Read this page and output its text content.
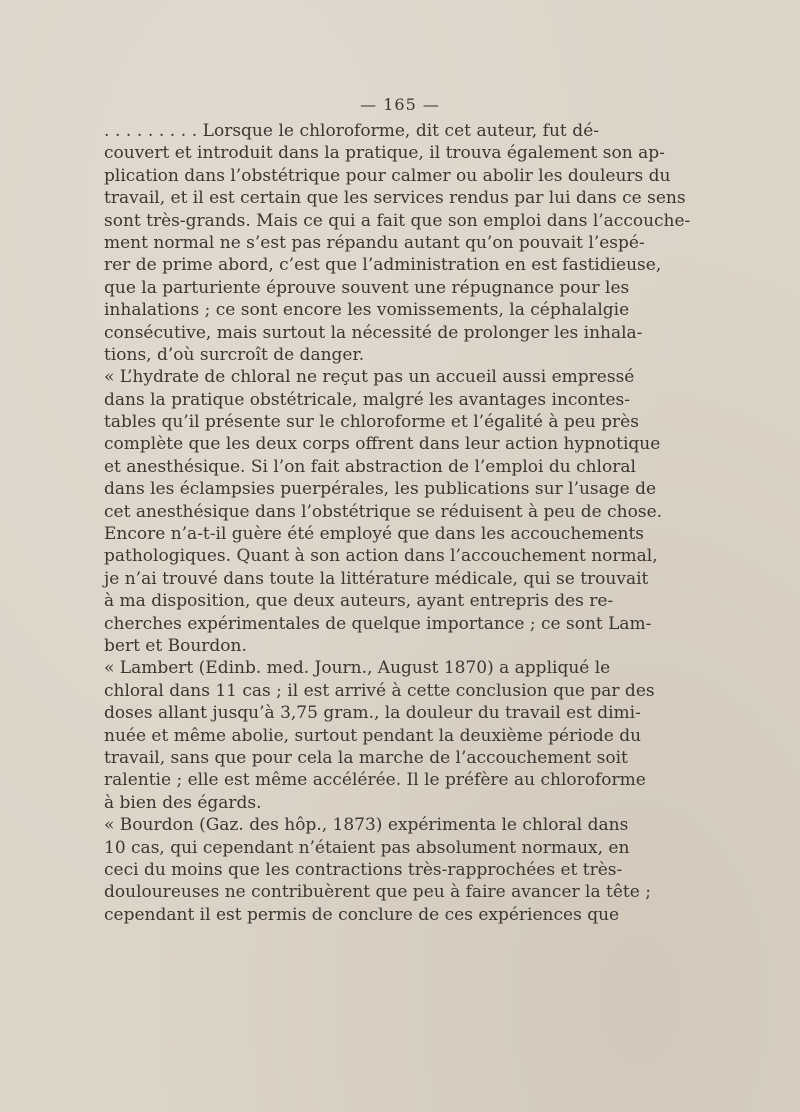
— 165 —
. . . . . . . . . Lorsque le chloroforme, dit cet auteur, fut dé-
couvert et introduit dans la pratique, il trouva également son ap-
plication dans l’obstétrique pour calmer ou abolir les douleurs du
travail, et il est certain que les services rendus par lui dans ce sens
sont très-grands. Mais ce qui a fait que son emploi dans l’accouche-
ment normal ne s’est pas répandu autant qu’on pouvait l’espé-
rer de prime abord, c’est que l’administration en est fastidieuse,
que la parturiente éprouve souvent une répugnance pour les
inhalations ; ce sont encore les vomissements, la céphalalgie
consécutive, mais surtout la nécessité de prolonger les inhala-
tions, d’où surcroît de danger.
« L’hydrate de chloral ne reçut pas un accueil aussi empressé
dans la pratique obstétricale, malgré les avantages incontes-
tables qu’il présente sur le chloroforme et l’égalité à peu près
complète que les deux corps offrent dans leur action hypnotique
et anesthésique. Si l’on fait abstraction de l’emploi du chloral
dans les éclampsies puerpérales, les publications sur l’usage de
cet anesthésique dans l’obstétrique se réduisent à peu de chose.
Encore n’a-t-il guère été employé que dans les accouchements
pathologiques. Quant à son action dans l’accouchement normal,
je n’ai trouvé dans toute la littérature médicale, qui se trouvait
à ma disposition, que deux auteurs, ayant entrepris des re-
cherches expérimentales de quelque importance ; ce sont Lam-
bert et Bourdon.
« Lambert (Edinb. med. Journ., August 1870) a appliqué le
chloral dans 11 cas ; il est arrivé à cette conclusion que par des
doses allant jusqu’à 3,75 gram., la douleur du travail est dimi-
nuée et même abolie, surtout pendant la deuxième période du
travail, sans que pour cela la marche de l’accouchement soit
ralentie ; elle est même accélérée. Il le préfère au chloroforme
à bien des égards.
« Bourdon (Gaz. des hôp., 1873) expérimenta le chloral dans
10 cas, qui cependant n’étaient pas absolument normaux, en
ceci du moins que les contractions très-rapprochées et très-
douloureuses ne contribuèrent que peu à faire avancer la tête ;
cependant il est permis de conclure de ces expériences que
